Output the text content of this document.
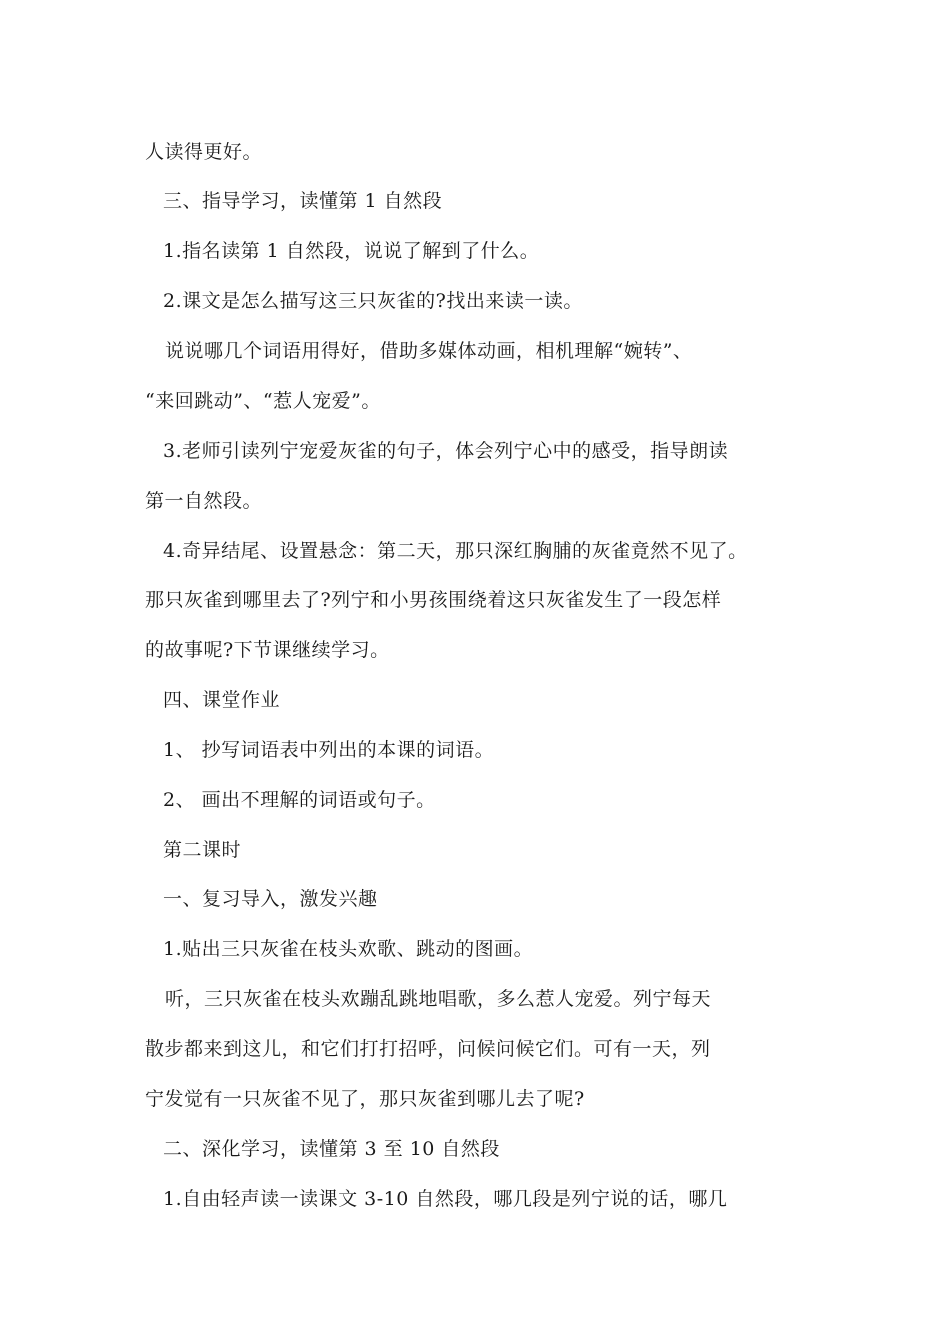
人读得更好。
三、指导学习，读懂第 1 自然段
1.指名读第 1 自然段，说说了解到了什么。
2.课文是怎么描写这三只灰雀的?找出来读一读。
说说哪几个词语用得好，借助多媒体动画，相机理解“婉转”、
“来回跳动”、“惹人宠爱”。
3.老师引读列宁宠爱灰雀的句子，体会列宁心中的感受，指导朗读
第一自然段。
4.奇异结尾、设置悬念：第二天，那只深红胸脯的灰雀竟然不见了。
那只灰雀到哪里去了?列宁和小男孩围绕着这只灰雀发生了一段怎样
的故事呢?下节课继续学习。
四、课堂作业
1、 抄写词语表中列出的本课的词语。
2、 画出不理解的词语或句子。
第二课时
一、复习导入，激发兴趣
1.贴出三只灰雀在枝头欢歌、跳动的图画。
听，三只灰雀在枝头欢蹦乱跳地唱歌，多么惹人宠爱。列宁每天
散步都来到这儿，和它们打打招呼，问候问候它们。可有一天，列
宁发觉有一只灰雀不见了，那只灰雀到哪儿去了呢?
二、深化学习，读懂第 3 至 10 自然段
1.自由轻声读一读课文 3-10 自然段，哪几段是列宁说的话，哪几
